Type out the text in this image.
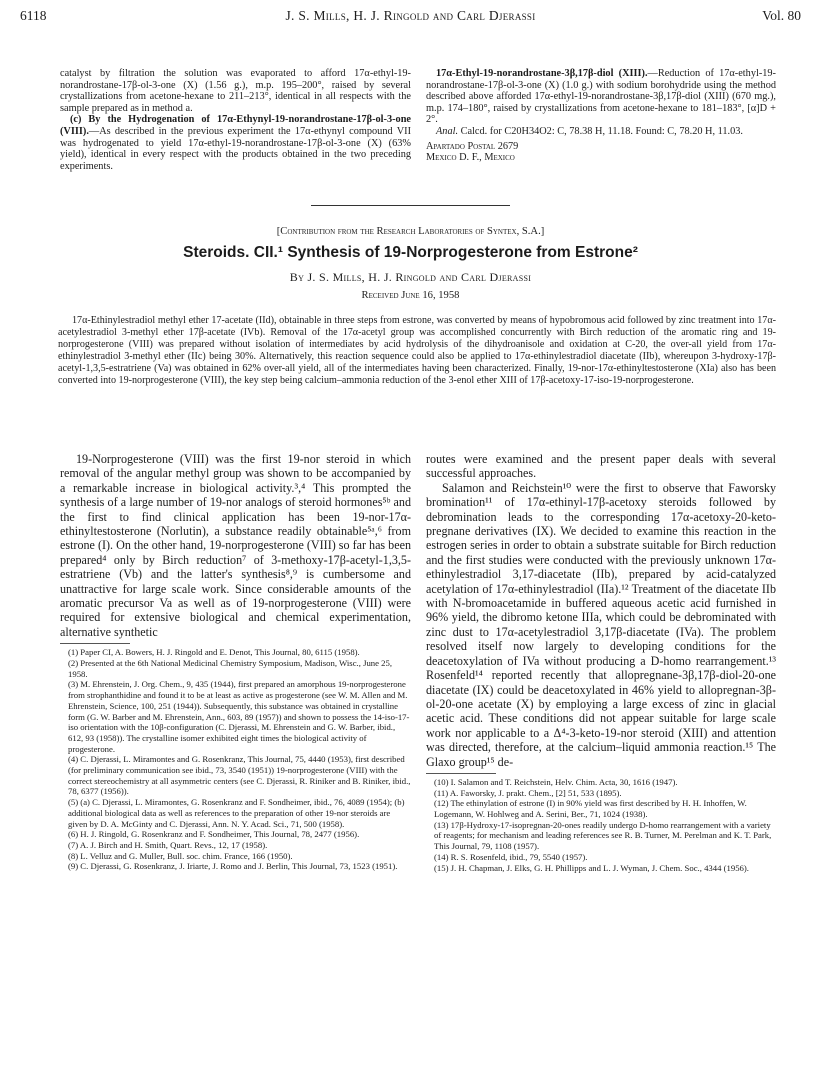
6118	J. S. Mills, H. J. Ringold and Carl Djerassi	Vol. 80

catalyst by filtration the solution was evaporated to afford 17α-ethyl-19-norandrostane-17β-ol-3-one (X) (1.56 g.), m.p. 195–200°, raised by several crystallizations from acetone-hexane to 211–213°, identical in all respects with the sample prepared as in method a.

(c) By the Hydrogenation of 17α-Ethynyl-19-norandrostane-17β-ol-3-one (VIII).—As described in the previous experiment the 17α-ethynyl compound VII was hydrogenated to yield 17α-ethyl-19-norandrostane-17β-ol-3-one (X) (63% yield), identical in every respect with the products obtained in the two preceding experiments.

17α-Ethyl-19-norandrostane-3β,17β-diol (XIII).—Reduction of 17α-ethyl-19-norandrostane-17β-ol-3-one (X) (1.0 g.) with sodium borohydride using the method described above afforded 17α-ethyl-19-norandrostane-3β,17β-diol (XIII) (670 mg.), m.p. 174–180°, raised by crystallizations from acetone-hexane to 181–183°, [α]D + 2°.

Anal. Calcd. for C20H34O2: C, 78.38 H, 11.18. Found: C, 78.20 H, 11.03.

Apartado Postal 2679

Mexico D. F., Mexico

[Contribution from the Research Laboratories of Syntex, S.A.]
Steroids. CII.¹ Synthesis of 19-Norprogesterone from Estrone²
By J. S. Mills, H. J. Ringold and Carl Djerassi
Received June 16, 1958
17α-Ethinylestradiol methyl ether 17-acetate (IId), obtainable in three steps from estrone, was converted by means of hypobromous acid followed by zinc treatment into 17α-acetylestradiol 3-methyl ether 17β-acetate (IVb). Removal of the 17α-acetyl group was accomplished concurrently with Birch reduction of the aromatic ring and 19-norprogesterone (VIII) was prepared without isolation of intermediates by acid hydrolysis of the dihydroanisole and oxidation at C-20, the over-all yield from 17α-ethinylestradiol 3-methyl ether (IIc) being 30%. Alternatively, this reaction sequence could also be applied to 17α-ethinylestradiol diacetate (IIb), whereupon 3-hydroxy-17β-acetyl-1,3,5-estratriene (Va) was obtained in 62% over-all yield, all of the intermediates having been characterized. Finally, 19-nor-17α-ethinyltestosterone (XIa) also has been converted into 19-norprogesterone (VIII), the key step being calcium–ammonia reduction of the 3-enol ether XIII of 17β-acetoxy-17-iso-19-norprogesterone.

19-Norprogesterone (VIII) was the first 19-nor steroid in which removal of the angular methyl group was shown to be accompanied by a remarkable increase in biological activity.³,⁴ This prompted the synthesis of a large number of 19-nor analogs of steroid hormones⁵ᵇ and the first to find clinical application has been 19-nor-17α-ethinyltestosterone (Norlutin), a substance readily obtainable⁵ᵃ,⁶ from estrone (I). On the other hand, 19-norprogesterone (VIII) so far has been prepared⁴ only by Birch reduction⁷ of 3-methoxy-17β-acetyl-1,3,5-estratriene (Vb) and the latter's synthesis⁸,⁹ is cumbersome and unattractive for large scale work. Since considerable amounts of the aromatic precursor Va as well as of 19-norprogesterone (VIII) were required for extensive biological and chemical experimentation, alternative synthetic

(1) Paper CI, A. Bowers, H. J. Ringold and E. Denot, This Journal, 80, 6115 (1958).

(2) Presented at the 6th National Medicinal Chemistry Symposium, Madison, Wisc., June 25, 1958.

(3) M. Ehrenstein, J. Org. Chem., 9, 435 (1944), first prepared an amorphous 19-norprogesterone from strophanthidine and found it to be at least as active as progesterone (see W. M. Allen and M. Ehrenstein, Science, 100, 251 (1944)). Subsequently, this substance was obtained in crystalline form (G. W. Barber and M. Ehrenstein, Ann., 603, 89 (1957)) and shown to possess the 14-iso-17-iso orientation with the 10β-configuration (C. Djerassi, M. Ehrenstein and G. W. Barber, ibid., 612, 93 (1958)). The crystalline isomer exhibited eight times the biological activity of progesterone.

(4) C. Djerassi, L. Miramontes and G. Rosenkranz, This Journal, 75, 4440 (1953), first described (for preliminary communication see ibid., 73, 3540 (1951)) 19-norprogesterone (VIII) with the correct stereochemistry at all asymmetric centers (see C. Djerassi, R. Riniker and B. Riniker, ibid., 78, 6377 (1956)).

(5) (a) C. Djerassi, L. Miramontes, G. Rosenkranz and F. Sondheimer, ibid., 76, 4089 (1954); (b) additional biological data as well as references to the preparation of other 19-nor steroids are given by D. A. McGinty and C. Djerassi, Ann. N. Y. Acad. Sci., 71, 500 (1958).

(6) H. J. Ringold, G. Rosenkranz and F. Sondheimer, This Journal, 78, 2477 (1956).

(7) A. J. Birch and H. Smith, Quart. Revs., 12, 17 (1958).

(8) L. Velluz and G. Muller, Bull. soc. chim. France, 166 (1950).

(9) C. Djerassi, G. Rosenkranz, J. Iriarte, J. Romo and J. Berlin, This Journal, 73, 1523 (1951).

routes were examined and the present paper deals with several successful approaches.

Salamon and Reichstein¹⁰ were the first to observe that Faworsky bromination¹¹ of 17α-ethinyl-17β-acetoxy steroids followed by debromination leads to the corresponding 17α-acetoxy-20-keto-pregnane derivatives (IX). We decided to examine this reaction in the estrogen series in order to obtain a substrate suitable for Birch reduction and the first studies were conducted with the previously unknown 17α-ethinylestradiol 3,17-diacetate (IIb), prepared by acid-catalyzed acetylation of 17α-ethinylestradiol (IIa).¹² Treatment of the diacetate IIb with N-bromoacetamide in buffered aqueous acetic acid furnished in 96% yield, the dibromo ketone IIIa, which could be debrominated with zinc dust to 17α-acetylestradiol 3,17β-diacetate (IVa). The problem resolved itself now largely to developing conditions for the deacetoxylation of IVa without producing a D-homo rearrangement.¹³ Rosenfeld¹⁴ reported recently that allopregnane-3β,17β-diol-20-one diacetate (IX) could be deacetoxylated in 46% yield to allopregnan-3β-ol-20-one acetate (X) by employing a large excess of zinc in glacial acetic acid. These conditions did not appear suitable for large scale work nor applicable to a Δ⁴-3-keto-19-nor steroid (XIII) and attention was directed, therefore, at the calcium–liquid ammonia reaction.¹⁵ The Glaxo group¹⁵ de-

(10) I. Salamon and T. Reichstein, Helv. Chim. Acta, 30, 1616 (1947).

(11) A. Faworsky, J. prakt. Chem., [2] 51, 533 (1895).

(12) The ethinylation of estrone (I) in 90% yield was first described by H. H. Inhoffen, W. Logemann, W. Hohlweg and A. Serini, Ber., 71, 1024 (1938).

(13) 17β-Hydroxy-17-isopregnan-20-ones readily undergo D-homo rearrangement with a variety of reagents; for mechanism and leading references see R. B. Turner, M. Perelman and K. T. Park, This Journal, 79, 1108 (1957).

(14) R. S. Rosenfeld, ibid., 79, 5540 (1957).

(15) J. H. Chapman, J. Elks, G. H. Phillipps and L. J. Wyman, J. Chem. Soc., 4344 (1956).
